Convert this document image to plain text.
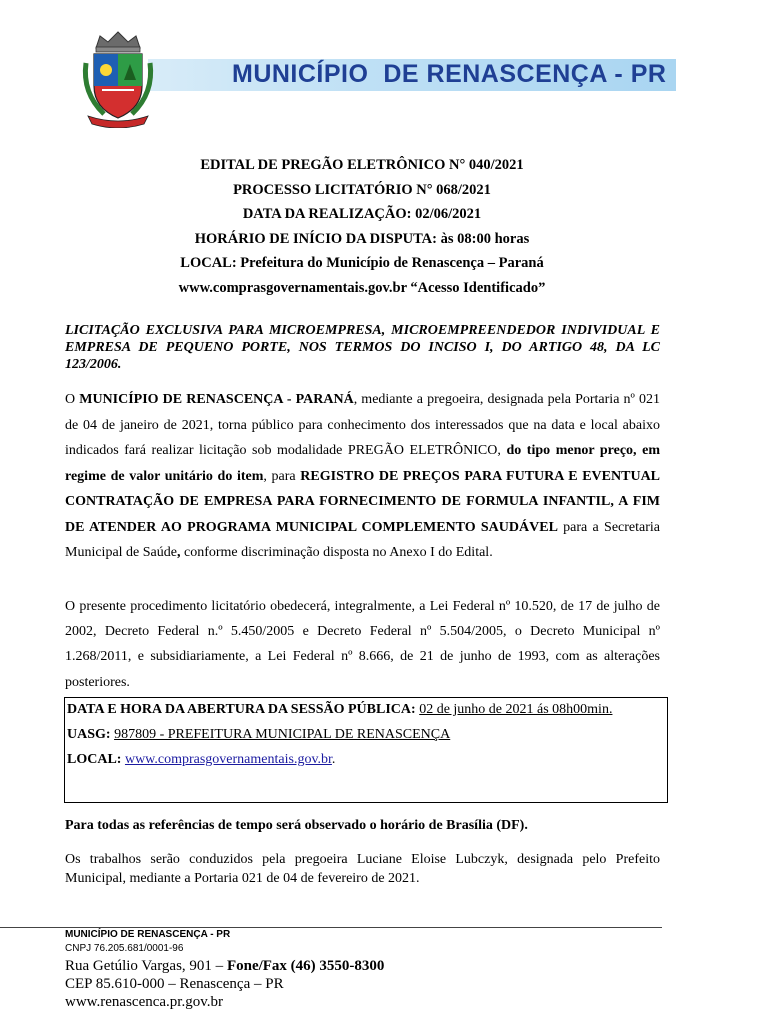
MUNICÍPIO  DE RENASCENÇA - PR
EDITAL DE PREGÃO ELETRÔNICO N° 040/2021
PROCESSO LICITATÓRIO N° 068/2021
DATA DA REALIZAÇÃO: 02/06/2021
HORÁRIO DE INÍCIO DA DISPUTA: às 08:00 horas
LOCAL: Prefeitura do Município de Renascença – Paraná
www.comprasgovernamentais.gov.br “Acesso Identificado”
LICITAÇÃO EXCLUSIVA PARA MICROEMPRESA, MICROEMPREENDEDOR INDIVIDUAL E EMPRESA DE PEQUENO PORTE, NOS TERMOS DO INCISO I, DO ARTIGO 48, DA LC 123/2006.
O MUNICÍPIO DE RENASCENÇA - PARANÁ, mediante a pregoeira, designada pela Portaria nº 021 de 04 de janeiro de 2021, torna público para conhecimento dos interessados que na data e local abaixo indicados fará realizar licitação sob modalidade PREGÃO ELETRÔNICO, do tipo menor preço, em regime de valor unitário do item, para REGISTRO DE PREÇOS PARA FUTURA E EVENTUAL CONTRATAÇÃO DE EMPRESA PARA FORNECIMENTO DE FORMULA INFANTIL, A FIM DE ATENDER AO PROGRAMA MUNICIPAL COMPLEMENTO SAUDÁVEL para a Secretaria Municipal de Saúde, conforme discriminação disposta no Anexo I do Edital.
O presente procedimento licitatório obedecerá, integralmente, a Lei Federal nº 10.520, de 17 de julho de 2002, Decreto Federal n.º 5.450/2005 e Decreto Federal nº 5.504/2005, o Decreto Municipal nº 1.268/2011, e subsidiariamente, a Lei Federal nº 8.666, de 21 de junho de 1993, com as alterações posteriores.
DATA E HORA DA ABERTURA DA SESSÃO PÚBLICA: 02 de junho de 2021 ás 08h00min.
UASG: 987809 - PREFEITURA MUNICIPAL DE RENASCENÇA
LOCAL: www.comprasgovernamentais.gov.br.
Para todas as referências de tempo será observado o horário de Brasília (DF).
Os trabalhos serão conduzidos pela pregoeira Luciane Eloise Lubczyk, designada pelo Prefeito Municipal, mediante a Portaria 021 de 04 de fevereiro de 2021.
MUNICÍPIO DE RENASCENÇA - PR
CNPJ 76.205.681/0001-96
Rua Getúlio Vargas, 901 – Fone/Fax (46) 3550-8300
CEP 85.610-000 – Renascença – PR
www.renascenca.pr.gov.br
